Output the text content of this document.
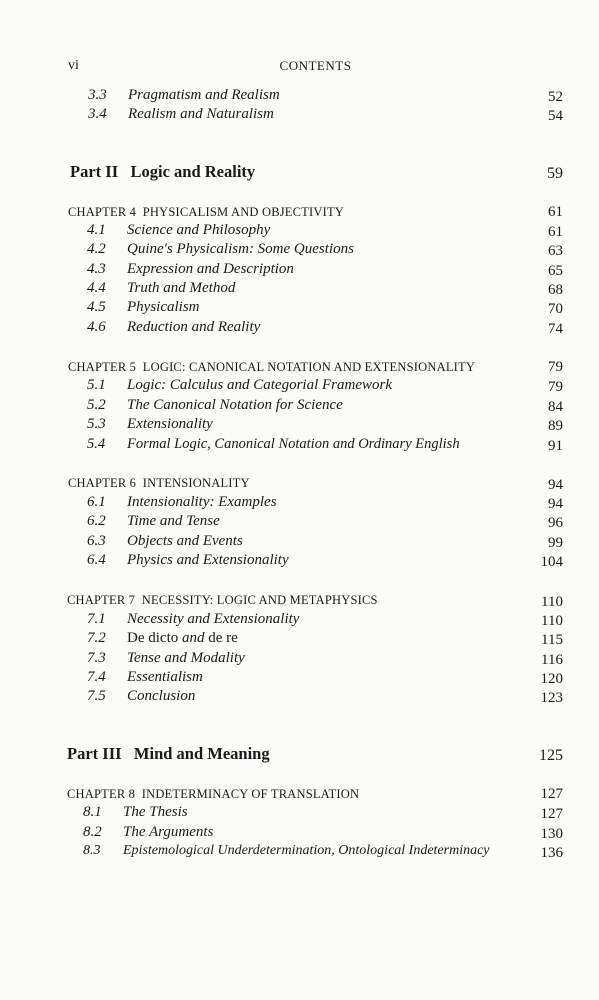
vi	CONTENTS
3.3 Pragmatism and Realism	52
3.4 Realism and Naturalism	54
Part II   Logic and Reality	59
CHAPTER 4  PHYSICALISM AND OBJECTIVITY	61
4.1 Science and Philosophy	61
4.2 Quine's Physicalism: Some Questions	63
4.3 Expression and Description	65
4.4 Truth and Method	68
4.5 Physicalism	70
4.6 Reduction and Reality	74
CHAPTER 5  LOGIC: CANONICAL NOTATION AND EXTENSIONALITY	79
5.1 Logic: Calculus and Categorial Framework	79
5.2 The Canonical Notation for Science	84
5.3 Extensionality	89
5.4 Formal Logic, Canonical Notation and Ordinary English	91
CHAPTER 6  INTENSIONALITY	94
6.1 Intensionality: Examples	94
6.2 Time and Tense	96
6.3 Objects and Events	99
6.4 Physics and Extensionality	104
CHAPTER 7  NECESSITY: LOGIC AND METAPHYSICS	110
7.1 Necessity and Extensionality	110
7.2 De dicto and de re	115
7.3 Tense and Modality	116
7.4 Essentialism	120
7.5 Conclusion	123
Part III   Mind and Meaning	125
CHAPTER 8  INDETERMINACY OF TRANSLATION	127
8.1 The Thesis	127
8.2 The Arguments	130
8.3 Epistemological Underdetermination, Ontological Indeterminacy	136
